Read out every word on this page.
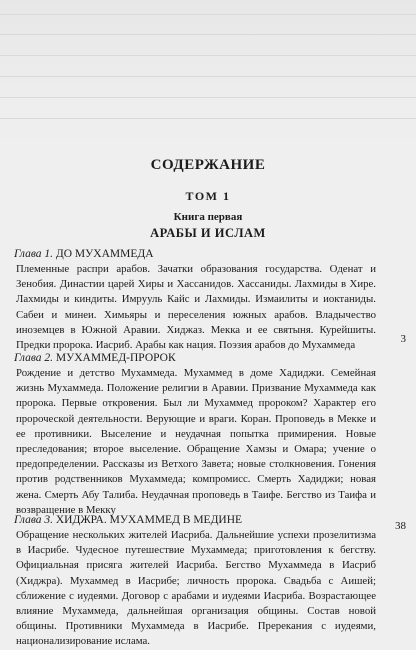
СОДЕРЖАНИЕ
ТОМ 1
Книга первая
АРАБЫ И ИСЛАМ
Глава 1. ДО МУХАММЕДА
Племенные распри арабов. Зачатки образования государства. Оденат и Зенобия. Династии царей Хиры и Хассанидов. Хассаниды. Лахмиды в Хире. Лахмиды и киндиты. Имрууль Кайс и Лахмиды. Измаилиты и иоктаниды. Сабеи и минеи. Химьяры и переселения южных арабов. Владычество иноземцев в Южной Аравии. Хиджаз. Мекка и ее святыня. Курейшиты. Предки пророка. Иасриб. Арабы как нация. Поэзия арабов до Мухаммеда
3
Глава 2. МУХАММЕД-ПРОРОК
Рождение и детство Мухаммеда. Мухаммед в доме Хадиджи. Семейная жизнь Мухаммеда. Положение религии в Аравии. Призвание Мухаммеда как пророка. Первые откровения. Был ли Мухаммед пророком? Характер его пророческой деятельности. Верующие и враги. Коран. Проповедь в Мекке и ее противники. Выселение и неудачная попытка примирения. Новые преследования; второе выселение. Обращение Хамзы и Омара; учение о предопределении. Рассказы из Ветхого Завета; новые столкновения. Гонения против родственников Мухаммеда; компромисс. Смерть Хадиджи; новая жена. Смерть Абу Талиба. Неудачная проповедь в Таифе. Бегство из Таифа и возвращение в Мекку
38
Глава 3. ХИДЖРА. МУХАММЕД В МЕДИНЕ
Обращение нескольких жителей Иасриба. Дальнейшие успехи прозелитизма в Иасрибе. Чудесное путешествие Мухаммеда; приготовления к бегству. Официальная присяга жителей Иасриба. Бегство Мухаммеда в Иасриб (Хиджра). Мухаммед в Иасрибе; личность пророка. Свадьба с Аишей; сближение с иудеями. Договор с арабами и иудеями Иасриба. Возрастающее влияние Мухаммеда, дальнейшая организация общины. Состав новой общины. Противники Мухаммеда в Иасрибе. Пререкания с иудеями, национализирование ислама.
